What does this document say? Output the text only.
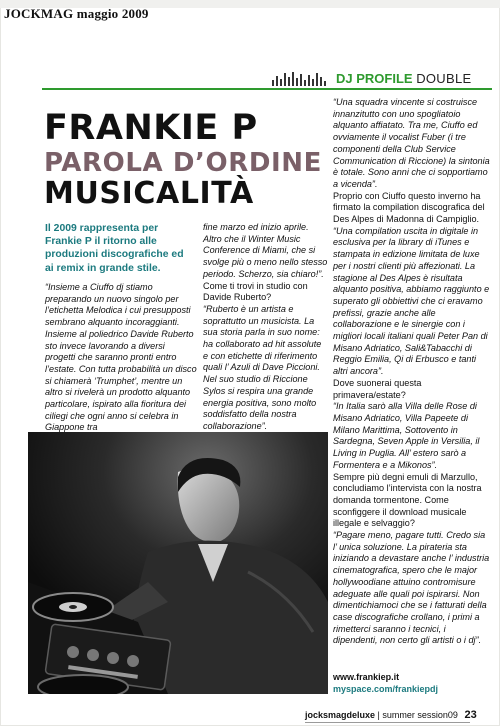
JOCKMAG maggio 2009
DJ PROFILE DOUBLE
FRANKIE P
PAROLA D’ORDINE
MUSICALITÀ
Il 2009 rappresenta per Frankie P il ritorno alle produzioni discografiche ed ai remix in grande stile.

“Insieme a Ciuffo dj stiamo preparando un nuovo singolo per l’etichetta Melodica i cui presupposti sembrano alquanto incoraggianti. Insieme al poliedrico Davide Ruberto sto invece lavorando a diversi progetti che saranno pronti entro l’estate. Con tutta probabilità un disco si chiamerà ‘Trumphet’, mentre un altro si rivelerà un prodotto alquanto particolare, ispirato alla fioritura dei ciliegi che ogni anno si celebra in Giappone tra

fine marzo ed inizio aprile. Altro che il Winter Music Conference di Miami, che si svolge più o meno nello stesso periodo. Scherzo, sia chiaro!”.

Come ti trovi in studio con Davide Ruberto?

“Ruberto è un artista e soprattutto un musicista. La sua storia parla in suo nome: ha collaborato ad hit assolute e con etichette di riferimento quali l’ Azuli di Dave Piccioni. Nel suo studio di Riccione Sylos si respira una grande energia positiva, sono molto soddisfatto della nostra collaborazione”.

“Una squadra vincente si costruisce innanzitutto con uno spogliatoio alquanto affiatato. Tra me, Ciuffo ed ovviamente il vocalist Fuber (i tre componenti della Club Service Communication di Riccione) la sintonia è totale. Sono anni che ci sopportiamo a vicenda”.

Proprio con Ciuffo questo inverno ha firmato la compilation discografica del Des Alpes di Madonna di Campiglio.

“Una compilation uscita in digitale in esclusiva per la library di iTunes e stampata in edizione limitata de luxe per i nostri clienti più affezionati. La stagione al Des Alpes è risultata alquanto positiva, abbiamo raggiunto e superato gli obbiettivi che ci eravamo prefissi, grazie anche alle collaborazione e le sinergie con i migliori locali italiani quali Peter Pan di Misano Adriatico, Sali&Tabacchi di Reggio Emilia, Qi di Erbusco e tanti altri ancora”.

Dove suonerai questa primavera/estate?

“In Italia sarò alla Villa delle Rose di Misano Adriatico, Villa Papeete di Milano Marittima, Sottovento in Sardegna, Seven Apple in Versilia, il Living in Puglia. All’ estero sarò a Formentera e a Mikonos”.

Sempre più degni emuli di Marzullo, concludiamo l’intervista con la nostra domanda tormentone. Come sconfiggere il download musicale illegale e selvaggio?

“Pagare meno, pagare tutti. Credo sia l’ unica soluzione. La pirateria sta iniziando a devastare anche l’ industria cinematografica, spero che le major hollywoodiane attuino contromisure adeguate alle quali poi ispirarsi. Non dimentichiamoci che se i fatturati della case discografiche crollano, i primi a rimetterci saranno i tecnici, i dipendenti, non certo gli artisti o i dj”.

www.frankiep.it
myspace.com/frankiepdj
jocksmagdeluxe | summer session09 23
